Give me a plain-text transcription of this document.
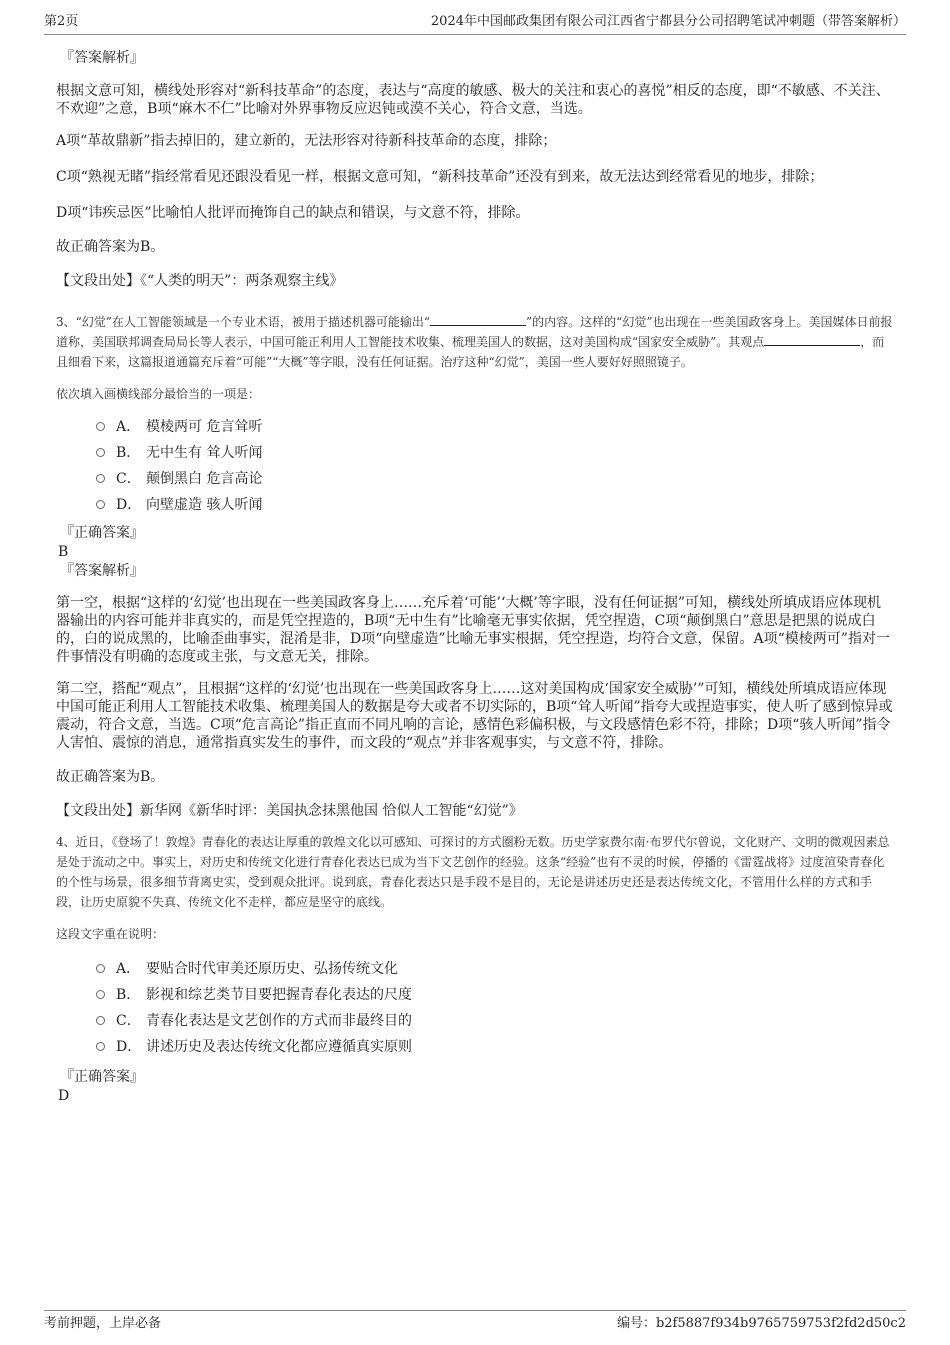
第2页	2024年中国邮政集团有限公司江西省宁都县分公司招聘笔试冲刺题（带答案解析）

『答案解析』

根据文意可知，横线处形容对“新科技革命”的态度，表达与“高度的敏感、极大的关注和衷心的喜悦”相反的态度，即“不敏感、不关注、不欢迎”之意，B项“麻木不仁”比喻对外界事物反应迟钝或漠不关心，符合文意，当选。

A项“革故鼎新”指去掉旧的，建立新的，无法形容对待新科技革命的态度，排除；

C项“熟视无睹”指经常看见还跟没看见一样，根据文意可知，“新科技革命”还没有到来，故无法达到经常看见的地步，排除；

D项“讳疾忌医”比喻怕人批评而掩饰自己的缺点和错误，与文意不符，排除。

故正确答案为B。

【文段出处】《“人类的明天”：两条观察主线》

3、“幻觉”在人工智能领域是一个专业术语，被用于描述机器可能输出“	”的内容。这样的“幻觉”也出现在一些美国政客身上。美国媒体日前报道称，美国联邦调查局局长等人表示，中国可能正利用人工智能技术收集、梳理美国人的数据，这对美国构成“国家安全威胁”。其观点	，而且细看下来，这篇报道通篇充斥着“可能”“大概”等字眼，没有任何证据。治疗这种“幻觉”，美国一些人要好好照照镜子。

依次填入画横线部分最恰当的一项是：

A． 模棱两可 危言耸听
B． 无中生有 耸人听闻
C． 颠倒黑白 危言高论
D． 向壁虚造 骇人听闻

『正确答案』

B

『答案解析』

第一空，根据“这样的‘幻觉’也出现在一些美国政客身上……充斥着‘可能’‘大概’等字眼，没有任何证据”可知，横线处所填成语应体现机器输出的内容可能并非真实的，而是凭空捏造的，B项“无中生有”比喻毫无事实依据，凭空捏造，C项“颠倒黑白”意思是把黑的说成白的，白的说成黑的，比喻歪曲事实，混淆是非，D项“向壁虚造”比喻无事实根据，凭空捏造，均符合文意，保留。A项“模棱两可”指对一件事情没有明确的态度或主张，与文意无关，排除。

第二空，搭配“观点”，且根据“这样的‘幻觉’也出现在一些美国政客身上……这对美国构成‘国家安全威胁’”可知，横线处所填成语应体现中国可能正利用人工智能技术收集、梳理美国人的数据是夸大或者不切实际的，B项“耸人听闻”指夸大或捏造事实，使人听了感到惊异或震动，符合文意，当选。C项“危言高论”指正直而不同凡响的言论，感情色彩偏积极，与文段感情色彩不符，排除；D项“骇人听闻”指令人害怕、震惊的消息，通常指真实发生的事件，而文段的“观点”并非客观事实，与文意不符，排除。

故正确答案为B。

【文段出处】新华网《新华时评：美国执念抹黑他国 恰似人工智能“幻觉”》

4、近日，《登场了！敦煌》青春化的表达让厚重的敦煌文化以可感知、可探讨的方式圈粉无数。历史学家费尔南·布罗代尔曾说，文化财产、文明的微观因素总是处于流动之中。事实上，对历史和传统文化进行青春化表达已成为当下文艺创作的经验。这条“经验”也有不灵的时候，停播的《雷霆战将》过度渲染青春化的个性与场景，很多细节背离史实，受到观众批评。说到底，青春化表达只是手段不是目的，无论是讲述历史还是表达传统文化，不管用什么样的方式和手段，让历史原貌不失真、传统文化不走样，都应是坚守的底线。

这段文字重在说明：

A． 要贴合时代审美还原历史、弘扬传统文化
B． 影视和综艺类节目要把握青春化表达的尺度
C． 青春化表达是文艺创作的方式而非最终目的
D． 讲述历史及表达传统文化都应遵循真实原则

『正确答案』

D

考前押题，上岸必备	编号：b2f5887f934b9765759753f2fd2d50c2
